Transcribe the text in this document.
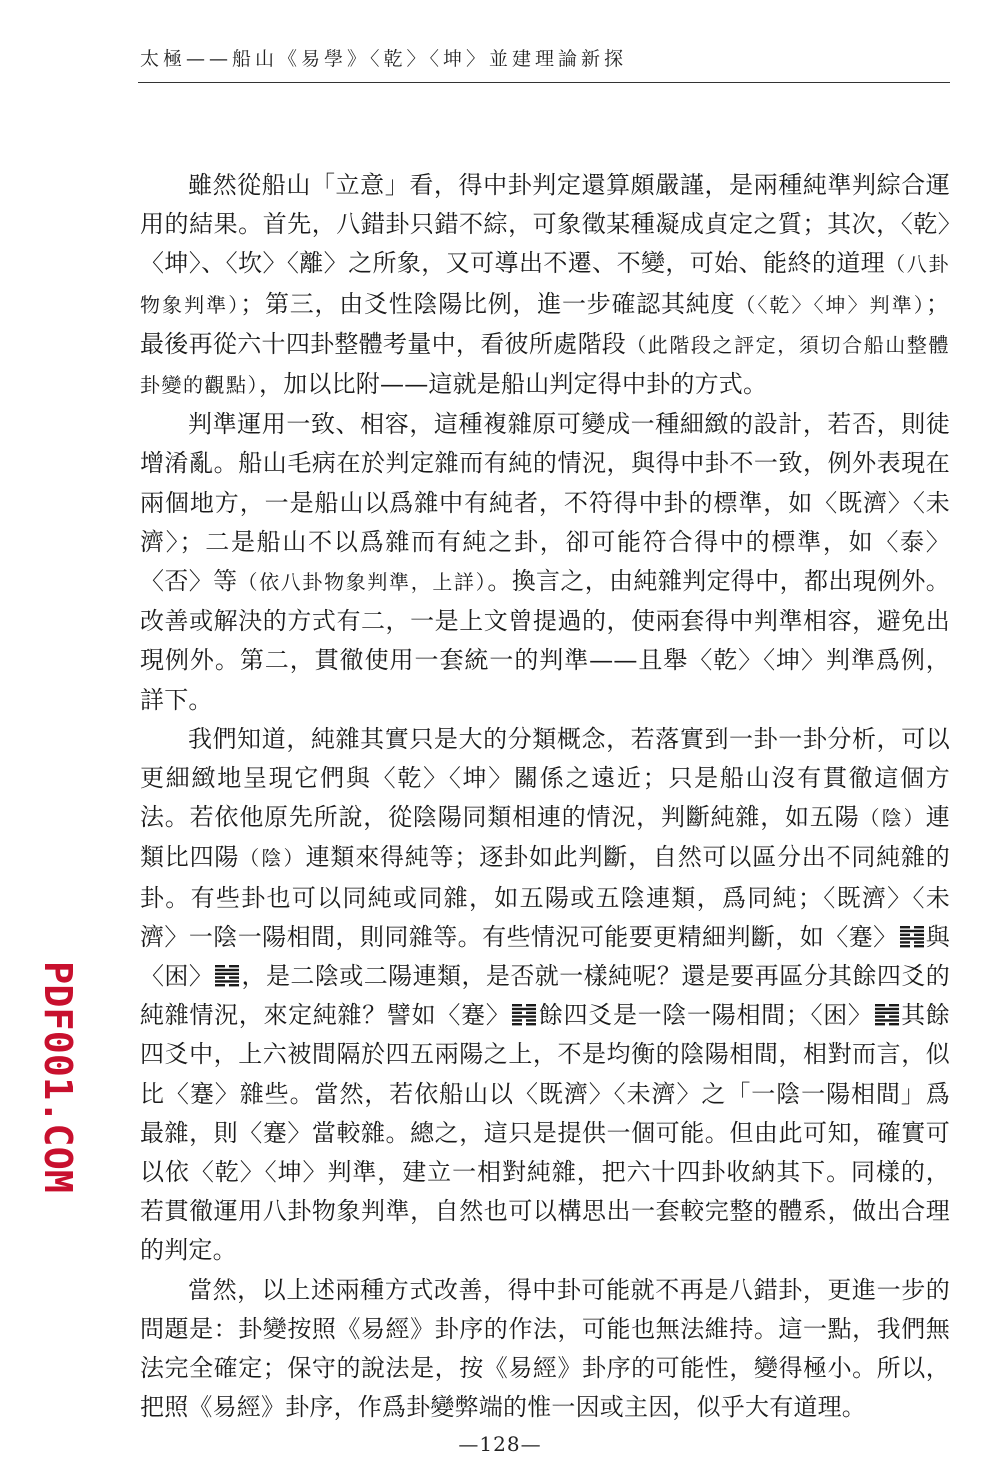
太極——船山《易學》〈乾〉〈坤〉並建理論新探

雖然從船山「立意」看，得中卦判定還算頗嚴謹，是兩種純準判綜合運用的結果。首先，八錯卦只錯不綜，可象徵某種凝成貞定之質；其次，〈乾〉〈坤〉、〈坎〉〈離〉之所象，又可導出不遷、不變，可始、能終的道理（八卦物象判準）；第三，由爻性陰陽比例，進一步確認其純度（〈乾〉〈坤〉判準）；最後再從六十四卦整體考量中，看彼所處階段（此階段之評定，須切合船山整體卦變的觀點），加以比附——這就是船山判定得中卦的方式。

判準運用一致、相容，這種複雜原可變成一種細緻的設計，若否，則徒增淆亂。船山毛病在於判定雜而有純的情況，與得中卦不一致，例外表現在兩個地方，一是船山以爲雜中有純者，不符得中卦的標準，如〈既濟〉〈未濟〉；二是船山不以爲雜而有純之卦，卻可能符合得中的標準，如〈泰〉〈否〉等（依八卦物象判準，上詳）。換言之，由純雜判定得中，都出現例外。改善或解決的方式有二，一是上文曾提過的，使兩套得中判準相容，避免出現例外。第二，貫徹使用一套統一的判準——且舉〈乾〉〈坤〉判準爲例，詳下。

我們知道，純雜其實只是大的分類概念，若落實到一卦一卦分析，可以更細緻地呈現它們與〈乾〉〈坤〉關係之遠近；只是船山沒有貫徹這個方法。若依他原先所說，從陰陽同類相連的情況，判斷純雜，如五陽（陰）連類比四陽（陰）連類來得純等；逐卦如此判斷，自然可以區分出不同純雜的卦。有些卦也可以同純或同雜，如五陽或五陰連類，爲同純；〈既濟〉〈未濟〉一陰一陽相間，則同雜等。有些情況可能要更精細判斷，如〈蹇〉 與〈困〉 ，是二陰或二陽連類，是否就一樣純呢？還是要再區分其餘四爻的純雜情況，來定純雜？譬如〈蹇〉 餘四爻是一陰一陽相間；〈困〉 其餘四爻中，上六被間隔於四五兩陽之上，不是均衡的陰陽相間，相對而言，似比〈蹇〉雜些。當然，若依船山以〈既濟〉〈未濟〉之「一陰一陽相間」爲最雜，則〈蹇〉當較雜。總之，這只是提供一個可能。但由此可知，確實可以依〈乾〉〈坤〉判準，建立一相對純雜，把六十四卦收納其下。同樣的，若貫徹運用八卦物象判準，自然也可以構思出一套較完整的體系，做出合理的判定。

當然，以上述兩種方式改善，得中卦可能就不再是八錯卦，更進一步的問題是：卦變按照《易經》卦序的作法，可能也無法維持。這一點，我們無法完全確定；保守的說法是，按《易經》卦序的可能性，變得極小。所以，把照《易經》卦序，作爲卦變弊端的惟一因或主因，似乎大有道理。

PDF001.COM
—128—
